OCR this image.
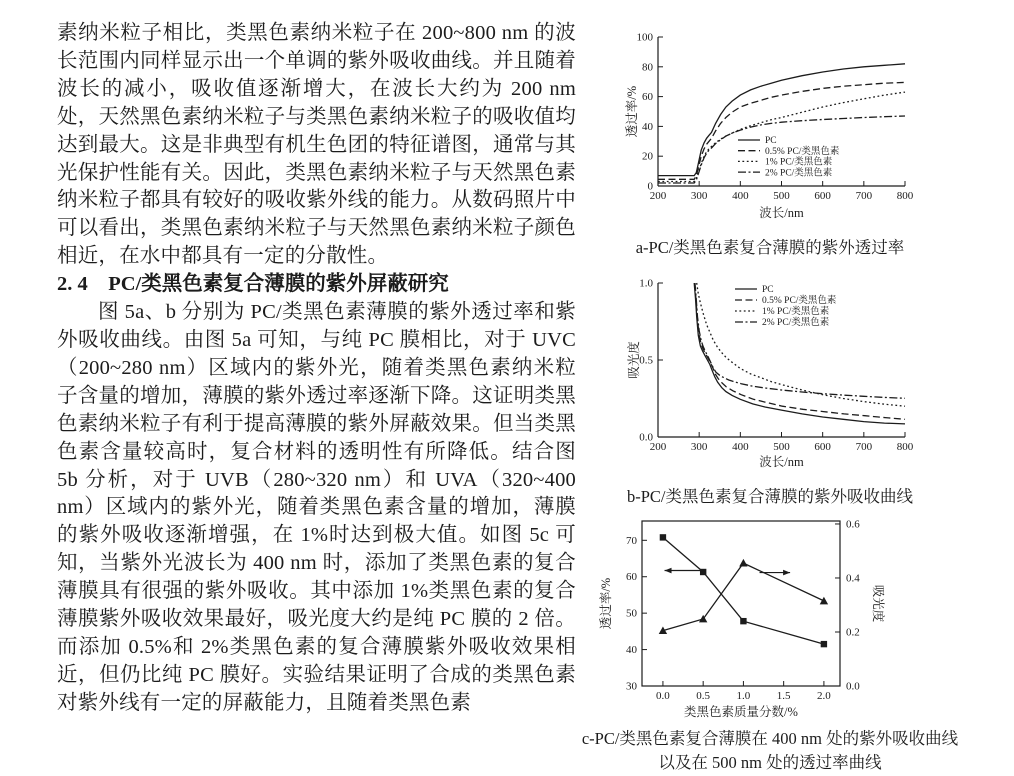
素纳米粒子相比，类黑色素纳米粒子在 200~800 nm 的波长范围内同样显示出一个单调的紫外吸收曲线。并且随着波长的减小，吸收值逐渐增大，在波长大约为 200 nm 处，天然黑色素纳米粒子与类黑色素纳米粒子的吸收值均达到最大。这是非典型有机生色团的特征谱图，通常与其光保护性能有关。因此，类黑色素纳米粒子与天然黑色素纳米粒子都具有较好的吸收紫外线的能力。从数码照片中可以看出，类黑色素纳米粒子与天然黑色素纳米粒子颜色相近，在水中都具有一定的分散性。

2. 4　PC/类黑色素复合薄膜的紫外屏蔽研究

图 5a、b 分别为 PC/类黑色素薄膜的紫外透过率和紫外吸收曲线。由图 5a 可知，与纯 PC 膜相比，对于 UVC（200~280 nm）区域内的紫外光，随着类黑色素纳米粒子含量的增加，薄膜的紫外透过率逐渐下降。这证明类黑色素纳米粒子有利于提高薄膜的紫外屏蔽效果。但当类黑色素含量较高时，复合材料的透明性有所降低。结合图 5b 分析，对于 UVB（280~320 nm）和 UVA（320~400 nm）区域内的紫外光，随着类黑色素含量的增加，薄膜的紫外吸收逐渐增强，在 1%时达到极大值。如图 5c 可知，当紫外光波长为 400 nm 时，添加了类黑色素的复合薄膜具有很强的紫外吸收。其中添加 1%类黑色素的复合薄膜紫外吸收效果最好，吸光度大约是纯 PC 膜的 2 倍。而添加 0.5%和 2%类黑色素的复合薄膜紫外吸收效果相近，但仍比纯 PC 膜好。实验结果证明了合成的类黑色素对紫外线有一定的屏蔽能力，且随着类黑色素

0
20
40
60
80
100
200 300 400 500 600 700 800
波长/nm
透过率/%
PC
0.5% PC/类黑色素
1% PC/类黑色素
2% PC/类黑色素
a-PC/类黑色素复合薄膜的紫外透过率
0.0
0.5
1.0
200 300 400 500 600 700 800
波长/nm
吸光度
PC
0.5% PC/类黑色素
1% PC/类黑色素
2% PC/类黑色素
b-PC/类黑色素复合薄膜的紫外吸收曲线
30
40
50
60
70
0.0
0.2
0.4
0.6
0.0 0.5 1.0 1.5 2.0
类黑色素质量分数/%
透过率/%	吸光度
c-PC/类黑色素复合薄膜在 400 nm 处的紫外吸收曲线
以及在 500 nm 处的透过率曲线
